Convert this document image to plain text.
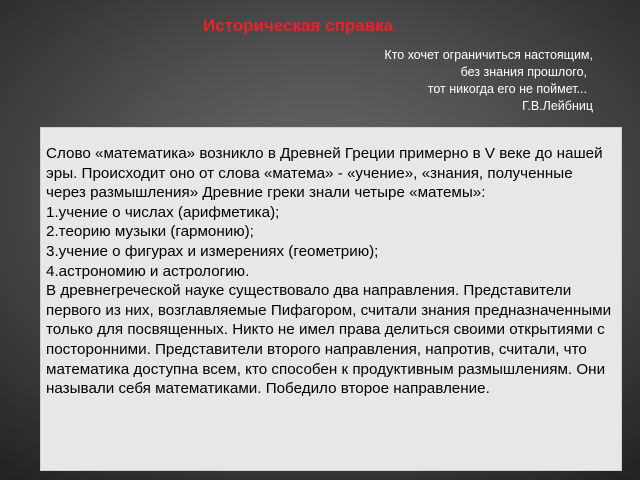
Историческая справка
Кто хочет ограничиться настоящим,
без знания прошлого,
тот никогда его не поймет...
Г.В.Лейбниц

Слово «математика» возникло в Древней Греции примерно в V веке до нашей эры. Происходит оно от слова «матема» - «учение», «знания, полученные через размышления» Древние греки знали четыре «матемы»:

1.учение о числах (арифметика);

2.теорию музыки (гармонию);

3.учение о фигурах и измерениях (геометрию);

4.астрономию и астрологию.

В древнегреческой науке существовало два направления. Представители первого из них, возглавляемые Пифагором, считали знания предназначенными только для посвященных. Никто не имел права делиться своими открытиями с посторонними. Представители второго направления, напротив, считали, что математика доступна всем, кто способен к продуктивным размышлениям. Они называли себя математиками. Победило второе направление.
